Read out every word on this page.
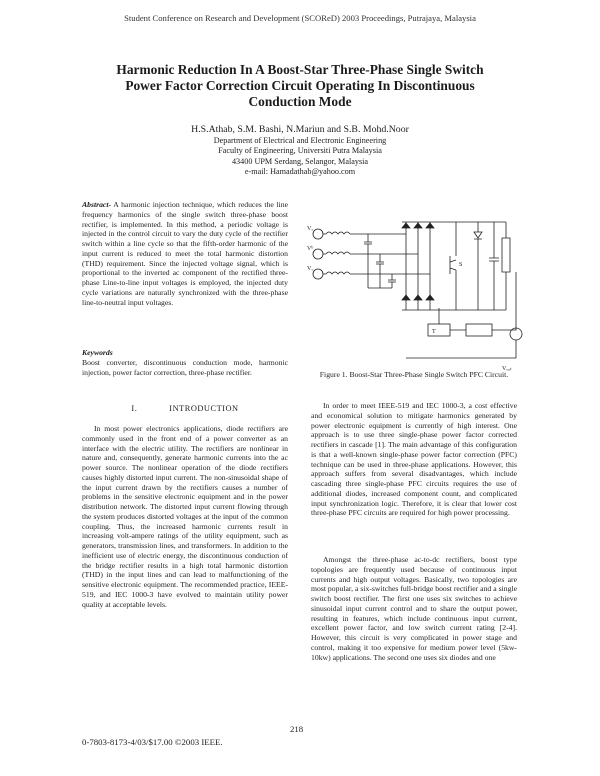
Student Conference on Research and Development (SCOReD) 2003 Proceedings, Putrajaya, Malaysia
Harmonic Reduction In A Boost-Star Three-Phase Single Switch
Power Factor Correction Circuit Operating In Discontinuous
Conduction Mode
H.S.Athab, S.M. Bashi, N.Mariun and S.B. Mohd.Noor
Department of Electrical and Electronic Engineering
Faculty of Engineering, Universiti Putra Malaysia
43400 UPM Serdang, Selangor, Malaysia
e-mail: Hamadathab@yahoo.com

Abstract- A harmonic injection technique, which reduces the line frequency harmonics of the single switch three-phase boost rectifier, is implemented. In this method, a periodic voltage is injected in the control circuit to vary the duty cycle of the rectifier switch within a line cycle so that the fifth-order harmonic of the input current is reduced to meet the total harmonic distortion (THD) requirement. Since the injected voltage signal, which is proportional to the inverted ac component of the rectified three-phase Line-to-line input voltages is employed, the injected duty cycle variations are naturally synchronized with the three-phase line-to-neutral input voltages.

Keywords

Boost converter, discontinuous conduction mode, harmonic injection, power factor correction, three-phase rectifier.

I.	INTRODUCTION

In most power electronics applications, diode rectifiers are commonly used in the front end of a power converter as an interface with the electric utility. The rectifiers are nonlinear in nature and, consequently, generate harmonic currents into the ac power source. The nonlinear operation of the diode rectifiers causes highly distorted input current. The non-sinusoidal shape of the input current drawn by the rectifiers causes a number of problems in the sensitive electronic equipment and in the power distribution network. The distorted input current flowing through the system produces distorted voltages at the input of the common coupling. Thus, the increased harmonic currents result in increasing volt-ampere ratings of the utility equipment, such as generators, transmission lines, and transformers. In addition to the inefficient use of electric energy, the discontinuous conduction of the bridge rectifier results in a high total harmonic distortion (THD) in the input lines and can lead to malfunctioning of the sensitive electronic equipment. The recommended practice, IEEE-519, and IEC 1000-3 have evolved to maintain utility power quality at acceptable levels.

Vₐ
Vᵇ
V꜀
S
T
Vₒᵤₜ

Figure 1. Boost-Star Three-Phase Single Switch PFC Circuit.

In order to meet IEEE-519 and IEC 1000-3, a cost effective and economical solution to mitigate harmonics generated by power electronic equipment is currently of high interest. One approach is to use three single-phase power factor corrected rectifiers in cascade [1]. The main advantage of this configuration is that a well-known single-phase power factor correction (PFC) technique can be used in three-phase applications. However, this approach suffers from several disadvantages, which include cascading three single-phase PFC circuits requires the use of additional diodes, increased component count, and complicated input synchronization logic. Therefore, it is clear that lower cost three-phase PFC circuits are required for high power processing.

Amongst the three-phase ac-to-dc rectifiers, boost type topologies are frequently used because of continuous input currents and high output voltages. Basically, two topologies are most popular, a six-switches full-bridge boost rectifier and a single switch boost rectifier. The first one uses six switches to achieve sinusoidal input current control and to share the output power, resulting in features, which include continuous input current, excellent power factor, and low switch current rating [2-4]. However, this circuit is very complicated in power stage and control, making it too expensive for medium power level (5kw-10kw) applications. The second one uses six diodes and one

218
0-7803-8173-4/03/$17.00 ©2003 IEEE.
